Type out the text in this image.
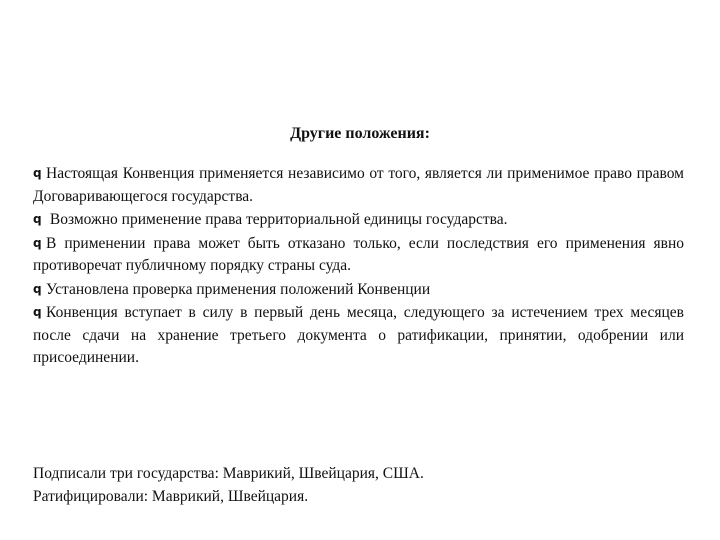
Другие положения:

q Настоящая Конвенция применяется независимо от того, является ли применимое право правом Договаривающегося государства.

q Возможно применение права территориальной единицы государства.

q В применении права может быть отказано только, если последствия его применения явно противоречат публичному порядку страны суда.

q Установлена проверка применения положений Конвенции

q Конвенция вступает в силу в первый день месяца, следующего за истечением трех месяцев после сдачи на хранение третьего документа о ратификации, принятии, одобрении или присоединении.

Подписали три государства: Маврикий, Швейцария, США.

Ратифицировали: Маврикий, Швейцария.
